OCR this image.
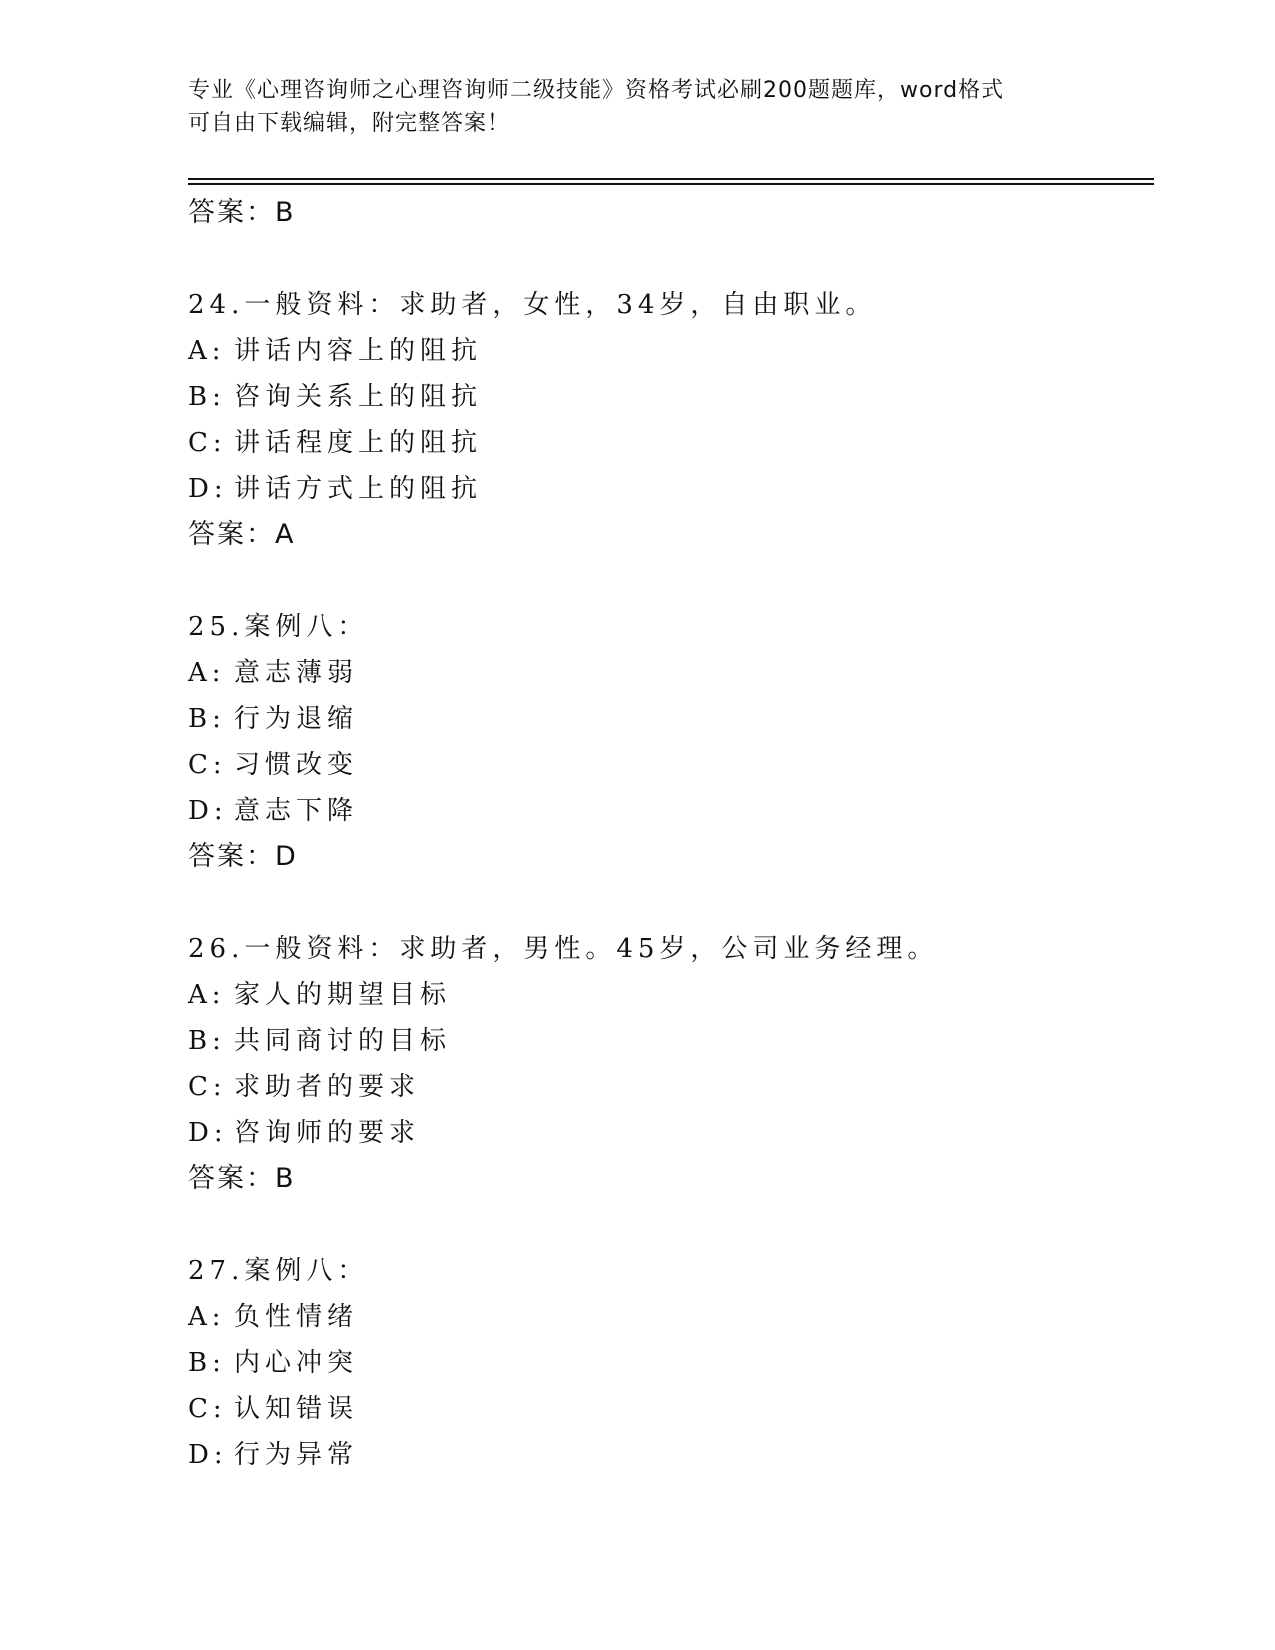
专业《心理咨询师之心理咨询师二级技能》资格考试必刷200题题库，word格式
可自由下载编辑，附完整答案！
答案：B
24.一般资料：求助者，女性，34岁，自由职业。
A: 讲话内容上的阻抗
B: 咨询关系上的阻抗
C: 讲话程度上的阻抗
D: 讲话方式上的阻抗
答案：A
25.案例八：
A: 意志薄弱
B: 行为退缩
C: 习惯改变
D: 意志下降
答案：D
26.一般资料：求助者，男性。45岁，公司业务经理。
A: 家人的期望目标
B: 共同商讨的目标
C: 求助者的要求
D: 咨询师的要求
答案：B
27.案例八：
A: 负性情绪
B: 内心冲突
C: 认知错误
D: 行为异常
